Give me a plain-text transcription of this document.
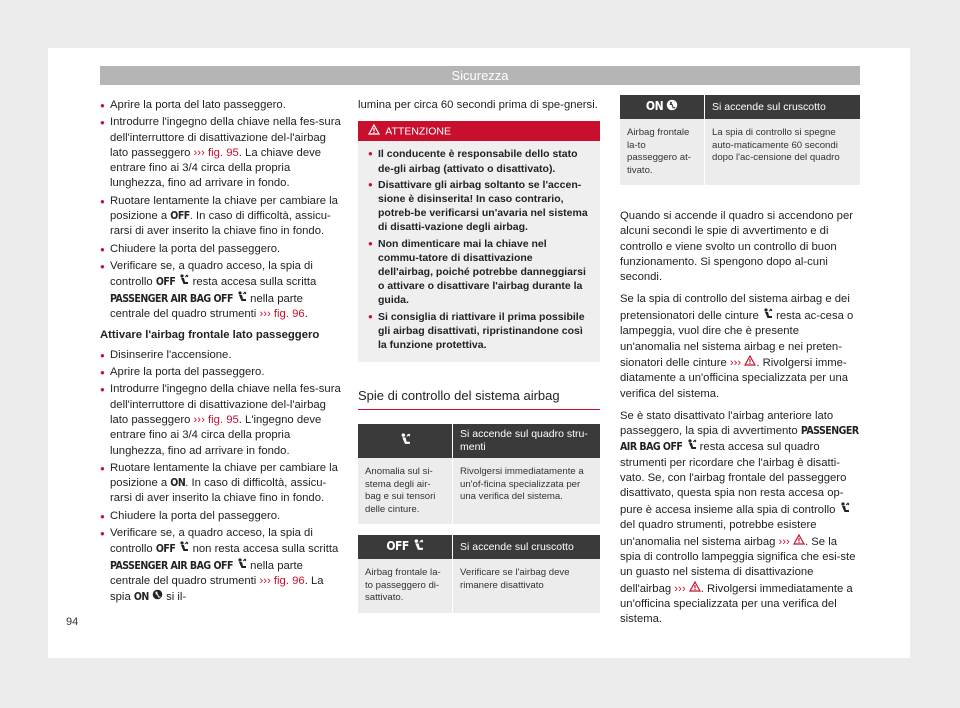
Sicurezza
● Aprire la porta del lato passeggero.
● Introdurre l'ingegno della chiave nella fes-sura dell'interruttore di disattivazione del-l'airbag lato passeggero ››› fig. 95. La chiave deve entrare fino ai 3/4 circa della propria lunghezza, fino ad arrivare in fondo.
● Ruotare lentamente la chiave per cambiare la posizione a OFF. In caso di difficoltà, assicu-rarsi di aver inserito la chiave fino in fondo.
● Chiudere la porta del passeggero.
● Verificare se, a quadro acceso, la spia di controllo OFF  resta accesa sulla scritta PASSENGER AIR BAG OFF  nella parte centrale del quadro strumenti ››› fig. 96.

Attivare l'airbag frontale lato passeggero

● Disinserire l'accensione.
● Aprire la porta del passeggero.
● Introdurre l'ingegno della chiave nella fes-sura dell'interruttore di disattivazione del-l'airbag lato passeggero ››› fig. 95. L'ingegno deve entrare fino ai 3/4 circa della propria lunghezza, fino ad arrivare in fondo.
● Ruotare lentamente la chiave per cambiare la posizione a ON. In caso di difficoltà, assicu-rarsi di aver inserito la chiave fino in fondo.
● Chiudere la porta del passeggero.
● Verificare se, a quadro acceso, la spia di controllo OFF  non resta accesa sulla scritta PASSENGER AIR BAG OFF  nella parte centrale del quadro strumenti ››› fig. 96. La spia ON  si il-

lumina per circa 60 secondi prima di spe-gnersi.

ATTENZIONE
● Il conducente è responsabile dello stato de-gli airbag (attivato o disattivato).
● Disattivare gli airbag soltanto se l'accen-sione è disinserita! In caso contrario, potreb-be verificarsi un'avaria nel sistema di disatti-vazione degli airbag.
● Non dimenticare mai la chiave nel commu-tatore di disattivazione dell'airbag, poiché potrebbe danneggiarsi o attivare o disattivare l'airbag durante la guida.
● Si consiglia di riattivare il prima possibile gli airbag disattivati, ripristinandone così la funzione protettiva.
Spie di controllo del sistema airbag
	Si accende sul quadro stru-menti
Anomalia sul si-stema degli air-bag e sui tensori delle cinture.	Rivolgersi immediatamente a un'of-ficina specializzata per una verifica del sistema.
OFF	Si accende sul cruscotto
Airbag frontale la-to passeggero di-sattivato.	Verificare se l'airbag deve rimanere disattivato
ON	Si accende sul cruscotto
Airbag frontale la-to passeggero at-tivato.	La spia di controllo si spegne auto-maticamente 60 secondi dopo l'ac-censione del quadro

Quando si accende il quadro si accendono per alcuni secondi le spie di avvertimento e di controllo e viene svolto un controllo di buon funzionamento. Si spengono dopo al-cuni secondi.

Se la spia di controllo del sistema airbag e dei pretensionatori delle cinture  resta ac-cesa o lampeggia, vuol dire che è presente un'anomalia nel sistema airbag e nei preten-sionatori delle cinture ››› . Rivolgersi imme-diatamente a un'officina specializzata per una verifica del sistema.

Se è stato disattivato l'airbag anteriore lato passeggero, la spia di avvertimento PASSENGER AIR BAG OFF  resta accesa sul quadro strumenti per ricordare che l'airbag è disatti-vato. Se, con l'airbag frontale del passeggero disattivato, questa spia non resta accesa op-pure è accesa insieme alla spia di controllo  del quadro strumenti, potrebbe esistere un'anomalia nel sistema airbag ››› . Se la spia di controllo lampeggia significa che esi-ste un guasto nel sistema di disattivazione dell'airbag ››› . Rivolgersi immediatamente a un'officina specializzata per una verifica del sistema.

94
